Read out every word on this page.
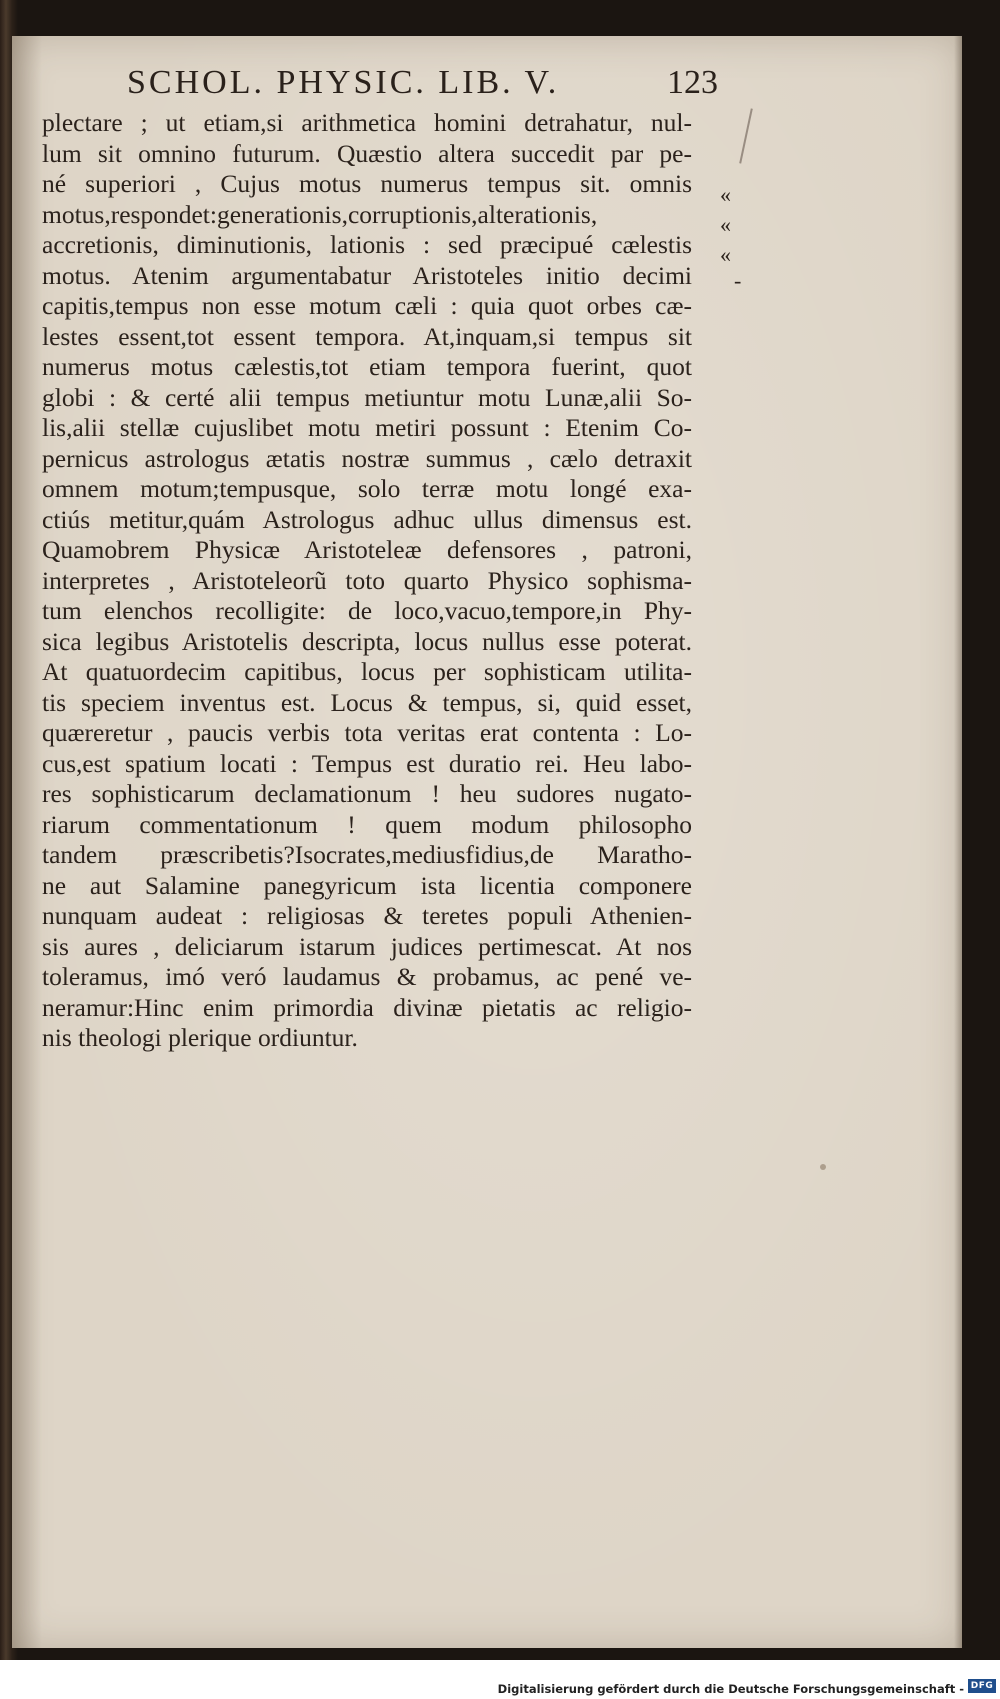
SCHOL. PHYSIC. LIB. V.	123
plectare ; ut etiam,si arithmetica homini detrahatur, nul-
lum sit omnino futurum. Quæstio altera succedit par pe-
né superiori , Cujus motus numerus tempus sit. omnis
motus,respondet:generationis,corruptionis,alterationis,
accretionis, diminutionis, lationis : sed præcipué cælestis
motus. Atenim argumentabatur Aristoteles initio decimi
capitis,tempus non esse motum cæli : quia quot orbes cæ-
lestes essent,tot essent tempora. At,inquam,si tempus sit
numerus motus cælestis,tot etiam tempora fuerint, quot
globi : & certé alii tempus metiuntur motu Lunæ,alii So-
lis,alii stellæ cujuslibet motu metiri possunt : Etenim Co-
pernicus astrologus ætatis nostræ summus , cælo detraxit
omnem motum;tempusque, solo terræ motu longé exa-
ctiús metitur,quám Astrologus adhuc ullus dimensus est.
Quamobrem Physicæ Aristoteleæ defensores , patroni,
interpretes , Aristoteleorũ toto quarto Physico sophisma-
tum elenchos recolligite: de loco,vacuo,tempore,in Phy-
sica legibus Aristotelis descripta, locus nullus esse poterat.
At quatuordecim capitibus, locus per sophisticam utilita-
tis speciem inventus est. Locus & tempus, si, quid esset,
quæreretur , paucis verbis tota veritas erat contenta : Lo-
cus,est spatium locati : Tempus est duratio rei. Heu labo-
res sophisticarum declamationum ! heu sudores nugato-
riarum commentationum ! quem modum philosopho
tandem præscribetis?Isocrates,mediusfidius,de Maratho-
ne aut Salamine panegyricum ista licentia componere
nunquam audeat : religiosas & teretes populi Athenien-
sis aures , deliciarum istarum judices pertimescat. At nos
toleramus, imó veró laudamus & probamus, ac pené ve-
neramur:Hinc enim primordia divinæ pietatis ac religio-
nis theologi plerique ordiuntur.
«
«
«
-
Digitalisierung gefördert durch die Deutsche Forschungsgemeinschaft - DFG
